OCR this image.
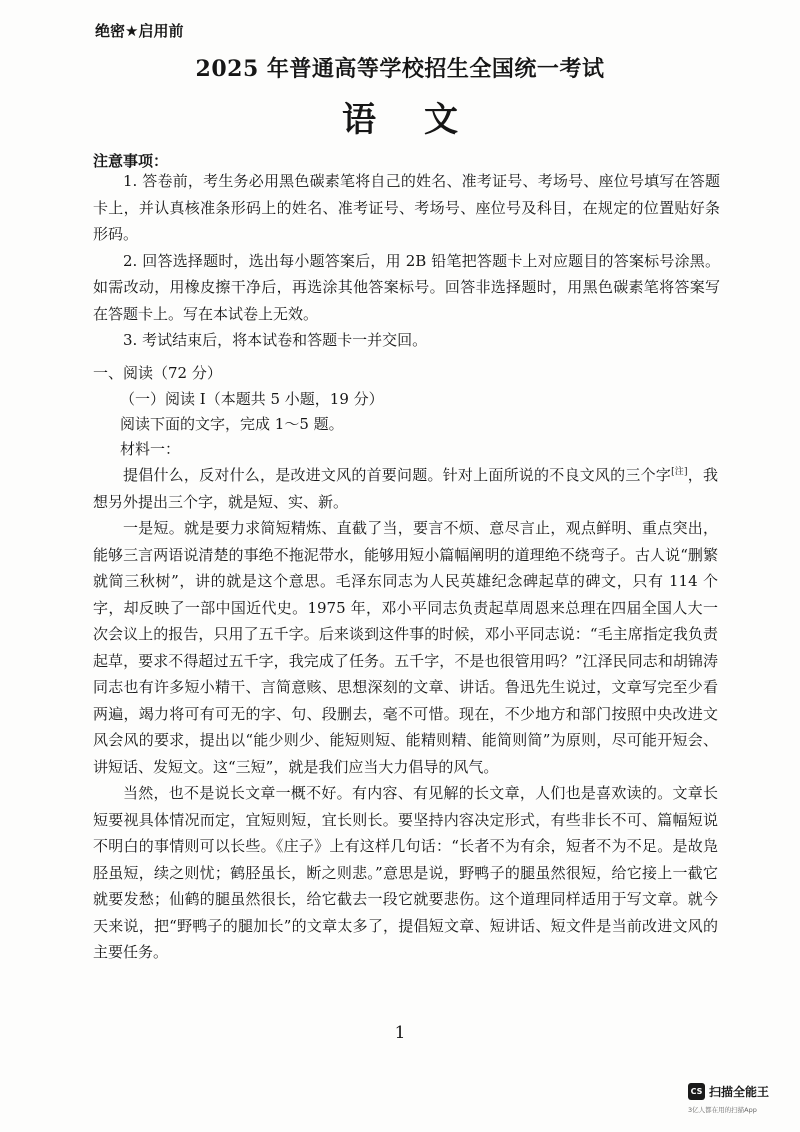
绝密★启用前
2025 年普通高等学校招生全国统一考试
语文
注意事项：

1. 答卷前，考生务必用黑色碳素笔将自己的姓名、准考证号、考场号、座位号填写在答题卡上，并认真核准条形码上的姓名、准考证号、考场号、座位号及科目，在规定的位置贴好条形码。

2. 回答选择题时，选出每小题答案后，用 2B 铅笔把答题卡上对应题目的答案标号涂黑。如需改动，用橡皮擦干净后，再选涂其他答案标号。回答非选择题时，用黑色碳素笔将答案写在答题卡上。写在本试卷上无效。

3. 考试结束后，将本试卷和答题卡一并交回。

一、阅读（72 分）
（一）阅读 I（本题共 5 小题，19 分）
阅读下面的文字，完成 1～5 题。
材料一：

提倡什么，反对什么，是改进文风的首要问题。针对上面所说的不良文风的三个字[注]，我想另外提出三个字，就是短、实、新。

一是短。就是要力求简短精炼、直截了当，要言不烦、意尽言止，观点鲜明、重点突出，能够三言两语说清楚的事绝不拖泥带水，能够用短小篇幅阐明的道理绝不绕弯子。古人说“删繁就简三秋树”，讲的就是这个意思。毛泽东同志为人民英雄纪念碑起草的碑文，只有 114 个字，却反映了一部中国近代史。1975 年，邓小平同志负责起草周恩来总理在四届全国人大一次会议上的报告，只用了五千字。后来谈到这件事的时候，邓小平同志说：“毛主席指定我负责起草，要求不得超过五千字，我完成了任务。五千字，不是也很管用吗？”江泽民同志和胡锦涛同志也有许多短小精干、言简意赅、思想深刻的文章、讲话。鲁迅先生说过，文章写完至少看两遍，竭力将可有可无的字、句、段删去，毫不可惜。现在，不少地方和部门按照中央改进文风会风的要求，提出以“能少则少、能短则短、能精则精、能简则简”为原则，尽可能开短会、讲短话、发短文。这“三短”，就是我们应当大力倡导的风气。

当然，也不是说长文章一概不好。有内容、有见解的长文章，人们也是喜欢读的。文章长短要视具体情况而定，宜短则短，宜长则长。要坚持内容决定形式，有些非长不可、篇幅短说不明白的事情则可以长些。《庄子》上有这样几句话：“长者不为有余，短者不为不足。是故凫胫虽短，续之则忧；鹤胫虽长，断之则悲。”意思是说，野鸭子的腿虽然很短，给它接上一截它就要发愁；仙鹤的腿虽然很长，给它截去一段它就要悲伤。这个道理同样适用于写文章。就今天来说，把“野鸭子的腿加长”的文章太多了，提倡短文章、短讲话、短文件是当前改进文风的主要任务。

1
CS 扫描全能王
3亿人都在用的扫描App
